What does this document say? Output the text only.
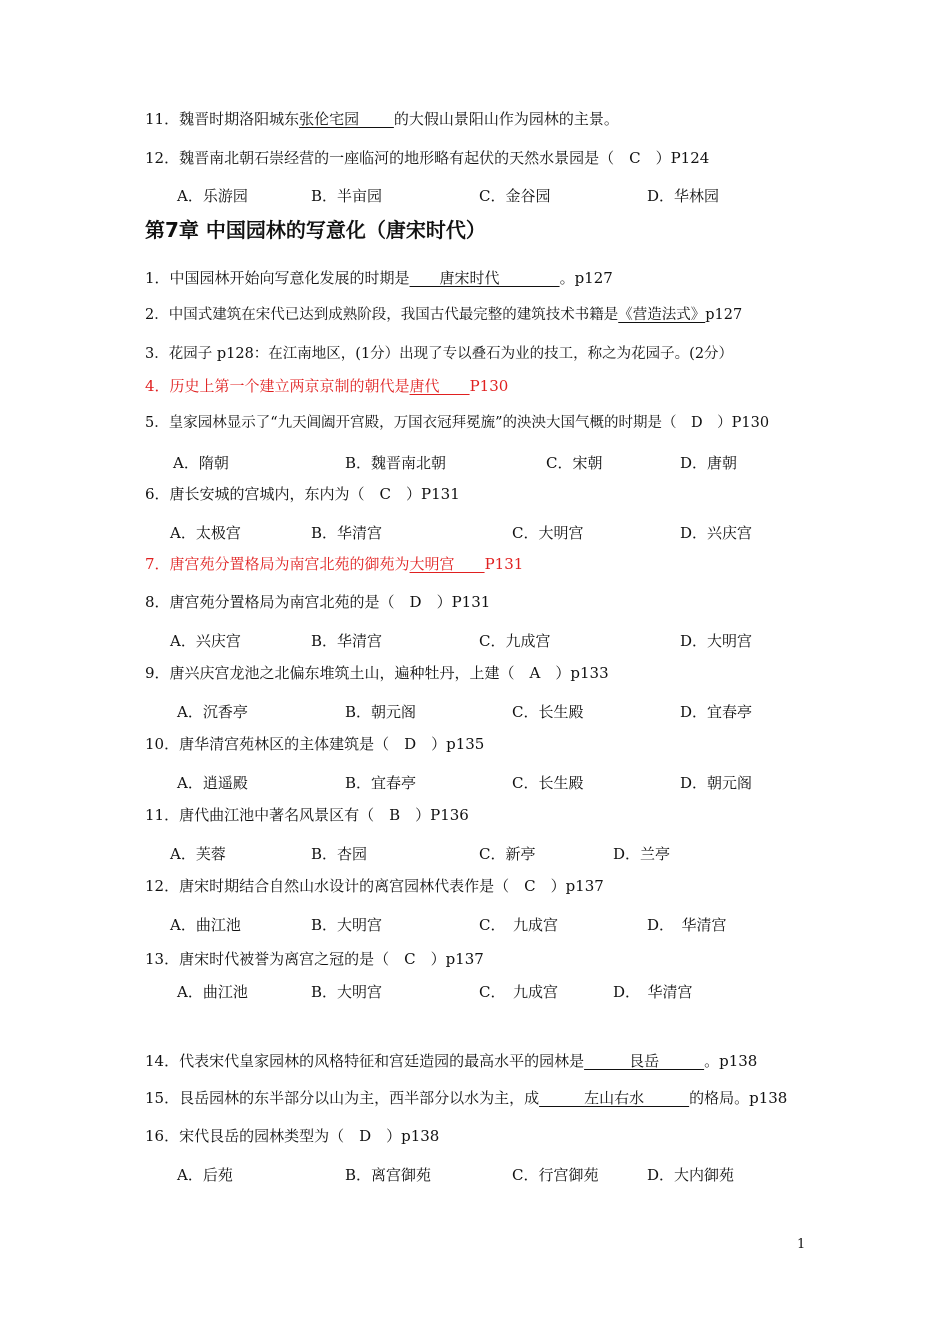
11．魏晋时期洛阳城东张伦宅园　　 的大假山景阳山作为园林的主景。
12．魏晋南北朝石崇经营的一座临河的地形略有起伏的天然水景园是（　C　）P124
A．乐游园	B．半亩园	C．金谷园	D．华林园
第7章 中国园林的写意化（唐宋时代）
1．中国园林开始向写意化发展的时期是　　唐宋时代　　　　。p127
2．中国式建筑在宋代已达到成熟阶段，我国古代最完整的建筑技术书籍是《营造法式》p127
3．花园子 p128：在江南地区，(1分）出现了专以叠石为业的技工，称之为花园子。(2分）
4．历史上第一个建立两京京制的朝代是唐代　　P130
5．皇家园林显示了“九天阊阖开宫殿，万国衣冠拜冕旒”的泱泱大国气概的时期是（　D　）P130
A．隋朝	B．魏晋南北朝	C．宋朝	D．唐朝
6．唐长安城的宫城内，东内为（　C　）P131
A．太极宫	B．华清宫	C．大明宫	D．兴庆宫
7．唐宫苑分置格局为南宫北苑的御苑为大明宫　　P131
8．唐宫苑分置格局为南宫北苑的是（　D　）P131
A．兴庆宫	B．华清宫	C．九成宫	D．大明宫
9．唐兴庆宫龙池之北偏东堆筑土山，遍种牡丹，上建（　A　）p133
A．沉香亭	B．朝元阁	C．长生殿	D．宜春亭
10．唐华清宫苑林区的主体建筑是（　D　）p135
A．逍遥殿	B．宜春亭	C．长生殿	D．朝元阁
11．唐代曲江池中著名风景区有（　B　）P136
A．芙蓉	B．杏园	C．新亭	D．兰亭
12．唐宋时期结合自然山水设计的离宫园林代表作是（　C　）p137
A．曲江池	B．大明宫	C．　九成宫	D．　华清宫
13．唐宋时代被誉为离宫之冠的是（　C　）p137
A．曲江池	B．大明宫	C．　九成宫	D．　华清宫
14．代表宋代皇家园林的风格特征和宫廷造园的最高水平的园林是　　　艮岳　　　。p138
15．艮岳园林的东半部分以山为主，西半部分以水为主，成　　　左山右水　　　的格局。p138
16．宋代艮岳的园林类型为（　D　）p138
A．后苑	B．离宫御苑	C．行宫御苑	D．大内御苑
1
